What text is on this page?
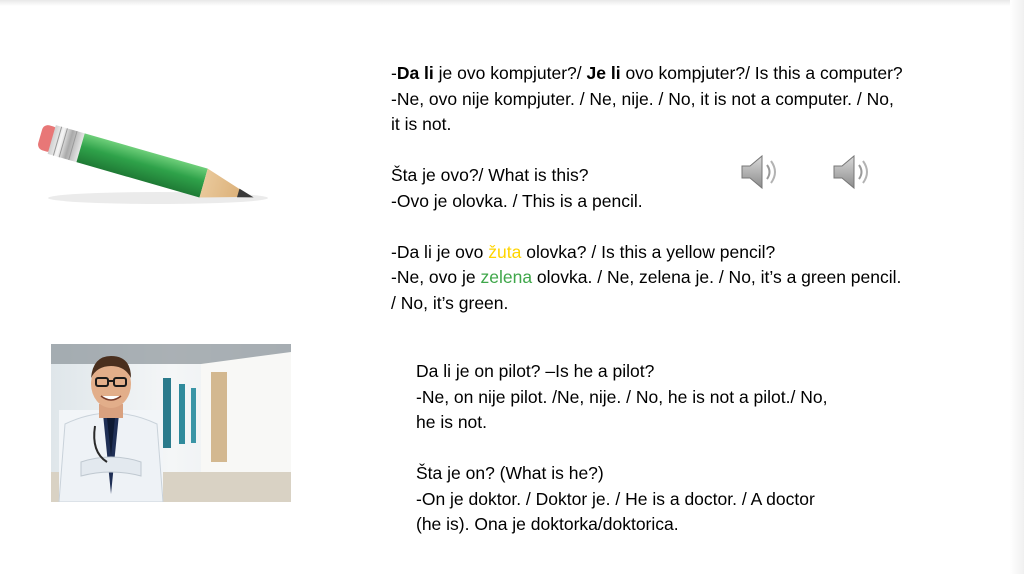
-Da li je ovo kompjuter?/ Je li ovo kompjuter?/ Is this a computer?

-Ne, ovo nije kompjuter. / Ne, nije. / No, it is not a computer. / No, it is not.

Šta je ovo?/ What is this?

-Ovo je olovka. / This is a pencil.

-Da li je ovo žuta olovka? / Is this a yellow pencil?

-Ne, ovo je zelena olovka. / Ne, zelena je. / No, it’s a green pencil. / No, it’s green.

Da li je on pilot? –Is he a pilot?

-Ne, on nije pilot. /Ne, nije. / No, he is not a pilot./ No, he is not.

Šta je on? (What is he?)

-On je doktor. / Doktor je. / He is a doctor. / A doctor (he is). Ona je doktorka/doktorica.
